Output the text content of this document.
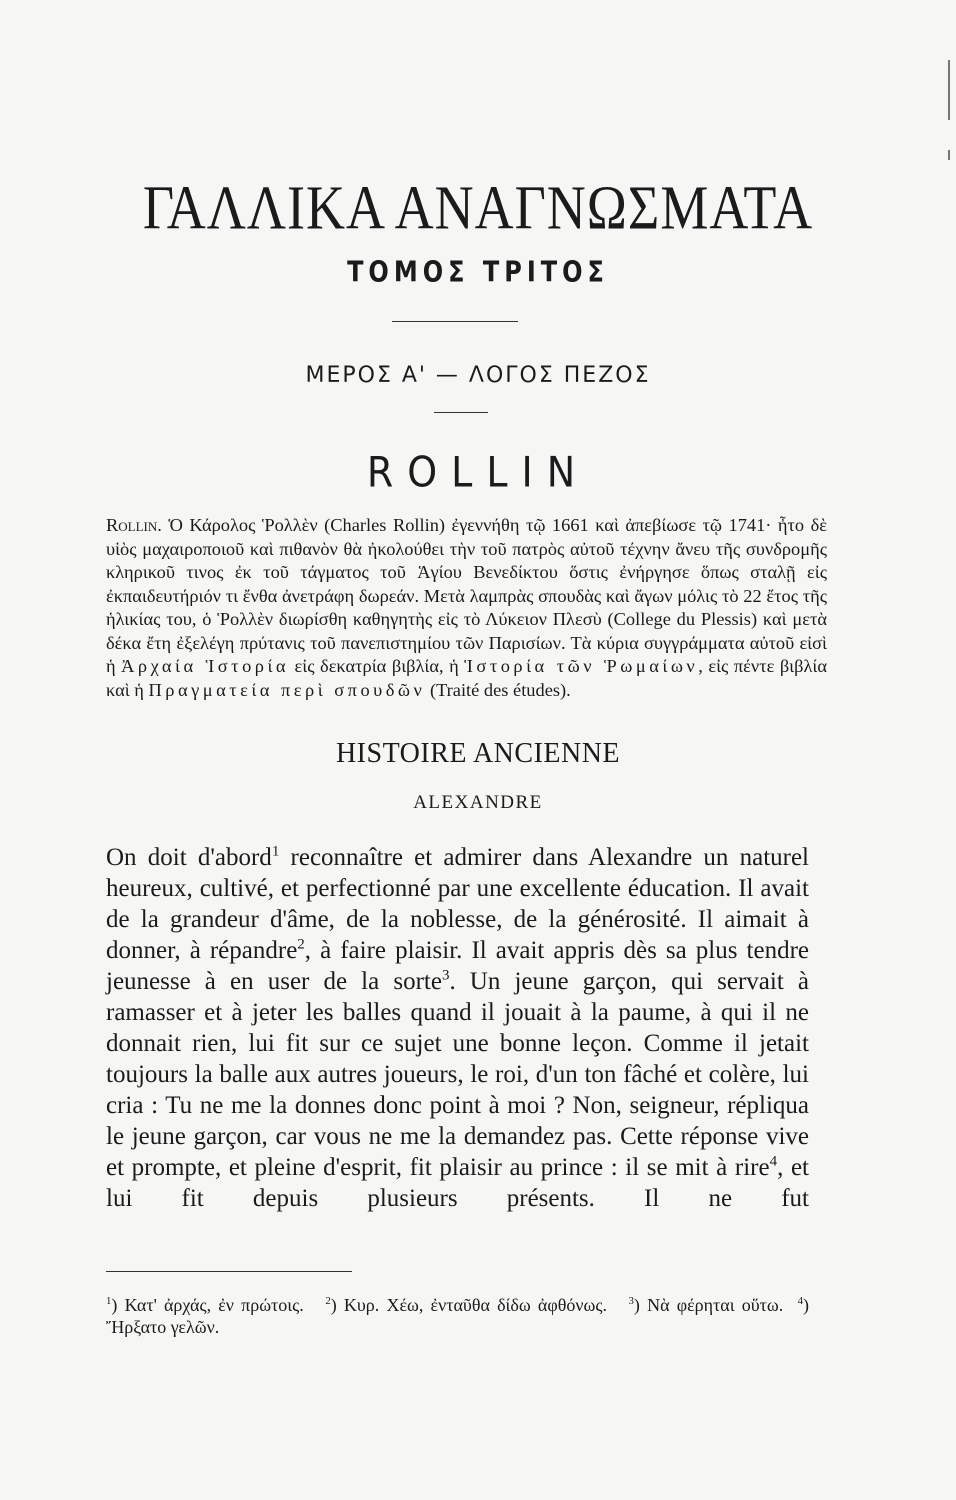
ΓΑΛΛΙΚΑ ΑΝΑΓΝΩΣΜΑΤΑ
ΤΟΜΟΣ ΤΡΙΤΟΣ
ΜΕΡΟΣ Α' — ΛΟΓΟΣ ΠΕΖΟΣ
ROLLIN

Rollin. Ὁ Κάρολος Ῥολλὲν (Charles Rollin) ἐγεννήθη τῷ 1661 καὶ ἀπεβίωσε τῷ 1741· ἦτο δὲ υἱὸς μαχαιροποιοῦ καὶ πιθανὸν θὰ ἠκολούθει τὴν τοῦ πατρὸς αὐτοῦ τέχνην ἄνευ τῆς συνδρομῆς κληρικοῦ τινος ἐκ τοῦ τάγματος τοῦ Ἁγίου Βενεδίκτου ὅστις ἐνήργησε ὅπως σταλῇ εἰς ἐκπαιδευτήριόν τι ἔνθα ἀνετράφη δωρεάν. Μετὰ λαμπρὰς σπουδὰς καὶ ἄγων μόλις τὸ 22 ἔτος τῆς ἡλικίας του, ὁ Ῥολλὲν διωρίσθη καθηγητὴς εἰς τὸ Λύκειον Πλεσὺ (College du Plessis) καὶ μετὰ δέκα ἔτη ἐξελέγη πρύτανις τοῦ πανεπιστημίου τῶν Παρισίων. Τὰ κύρια συγγράμματα αὐτοῦ εἰσὶ ἡ Ἀρχαία Ἱστορία εἰς δεκατρία βιβλία, ἡ Ἱστορία τῶν Ῥωμαίων, εἰς πέντε βιβλία καὶ ἡ Πραγματεία περὶ σπουδῶν (Traité des études).

HISTOIRE ANCIENNE
ALEXANDRE

On doit d'abord$^1$ reconnaître et admirer dans Alexandre un naturel heureux, cultivé, et perfectionné par une excellente éducation. Il avait de la grandeur d'âme, de la noblesse, de la générosité. Il aimait à donner, à répandre$^2$, à faire plaisir. Il avait appris dès sa plus tendre jeunesse à en user de la sorte$^3$. Un jeune garçon, qui servait à ramasser et à jeter les balles quand il jouait à la paume, à qui il ne donnait rien, lui fit sur ce sujet une bonne leçon. Comme il jetait toujours la balle aux autres joueurs, le roi, d'un ton fâché et colère, lui cria : Tu ne me la donnes donc point à moi ? Non, seigneur, répliqua le jeune garçon, car vous ne me la demandez pas. Cette réponse vive et prompte, et pleine d'esprit, fit plaisir au prince : il se mit à rire$^4$, et lui fit depuis plusieurs présents. Il ne fut

$^1$) Κατ' ἀρχάς, ἐν πρώτοις. $^2$) Κυρ. Χέω, ἐνταῦθα δίδω ἀφθόνως. $^3$) Νὰ φέρηται οὕτω. $^4$) Ἤρξατο γελῶν.
